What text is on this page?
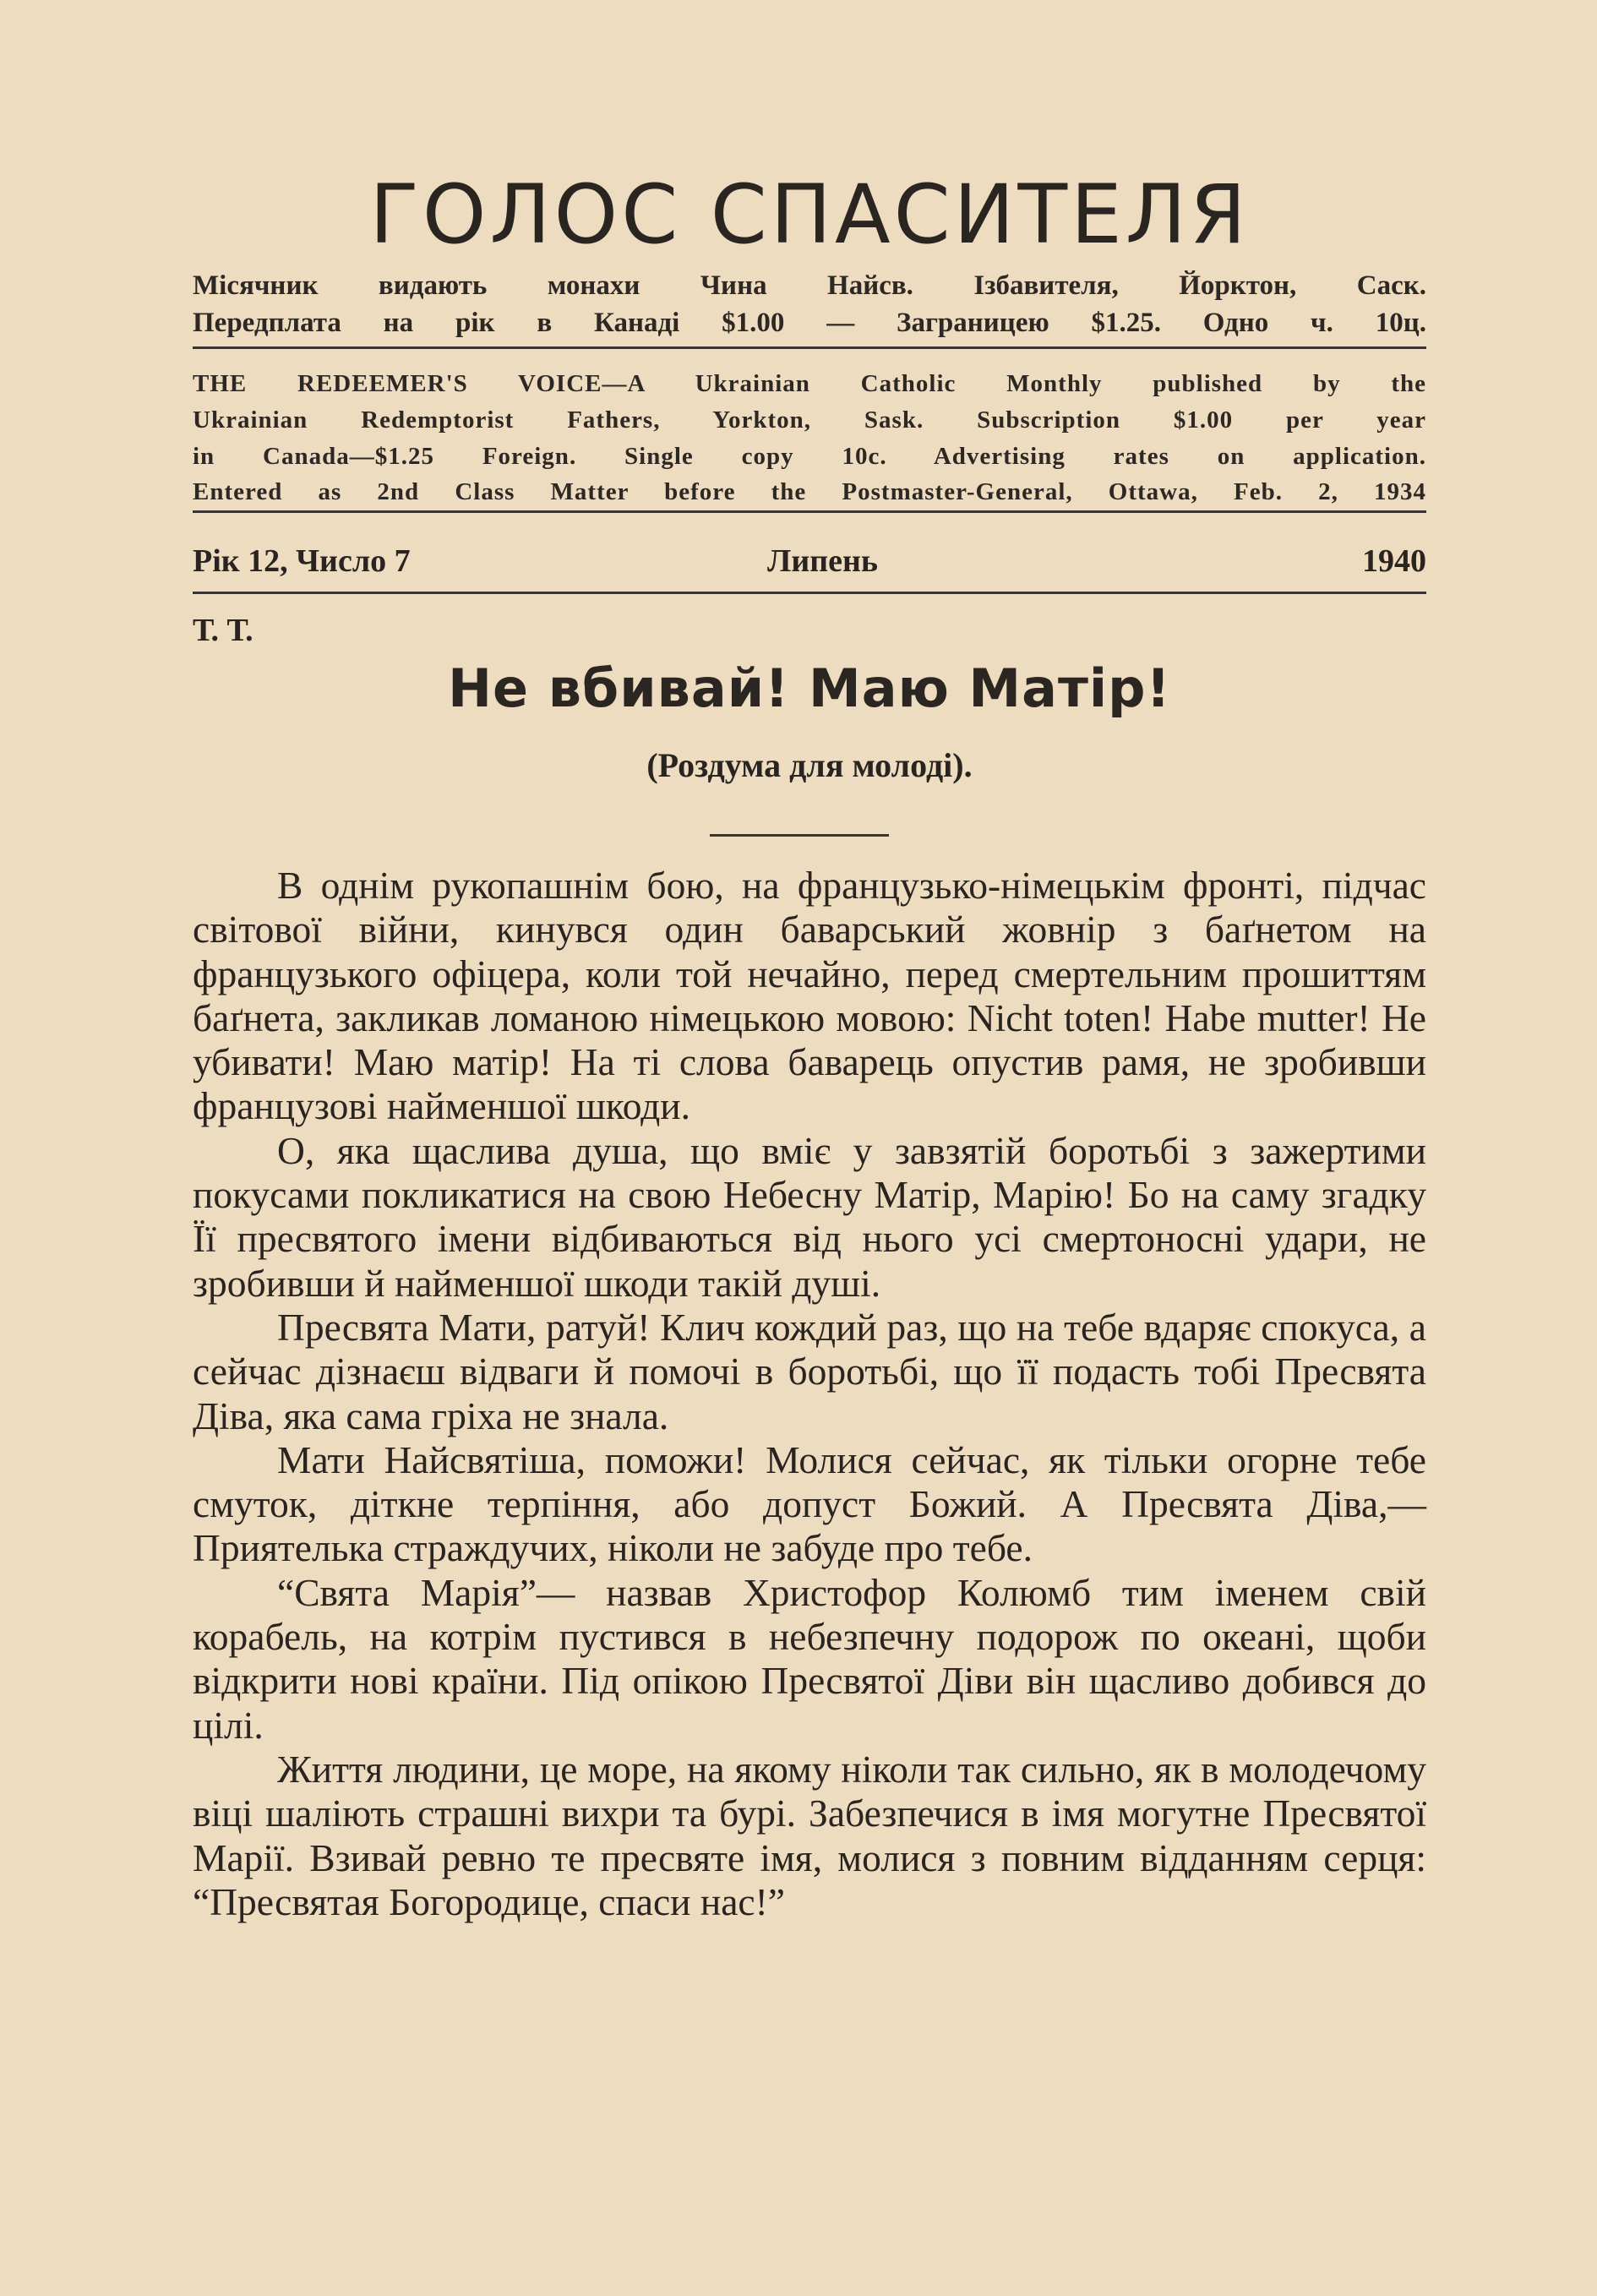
ГОЛОС СПАСИТЕЛЯ
Місячник видають монахи Чина Найсв. Ізбавителя, Йорктон, Саск.
Передплата на рік в Канаді $1.00 — Заграницею $1.25. Одно ч. 10ц.
THE REDEEMER'S VOICE—A Ukrainian Catholic Monthly published by the
Ukrainian Redemptorist Fathers, Yorkton, Sask. Subscription $1.00 per year
in Canada—$1.25 Foreign. Single copy 10c. Advertising rates on application.
Entered as 2nd Class Matter before the Postmaster-General, Ottawa, Feb. 2, 1934
Рік 12, Число 7	Липень	1940
Т. Т.
Не вбивай! Маю Матір!
(Роздума для молоді).

В однім рукопашнім бою, на французько-німецькім фронті, підчас світової війни, кинувся один баварський жовнір з баґнетом на французького офіцера, коли той нечайно, перед смертельним прошиттям баґнета, закликав ломаною німецькою мовою: Nicht toten! Habe mutter! Не убивати! Маю матір! На ті слова баварець опустив рамя, не зробивши французові найменшої шкоди.

О, яка щаслива душа, що вміє у завзятій боротьбі з зажертими покусами покликатися на свою Небесну Матір, Марію! Бо на саму згадку Її пресвятого імени відбиваються від нього усі смертоносні удари, не зробивши й найменшої шкоди такій душі.

Пресвята Мати, ратуй! Клич кождий раз, що на тебе вдаряє спокуса, а сейчас дізнаєш відваги й помочі в боротьбі, що її подасть тобі Пресвята Діва, яка сама гріха не знала.

Мати Найсвятіша, поможи! Молися сейчас, як тільки огорне тебе смуток, діткне терпіння, або допуст Божий. А Пресвята Діва,— Приятелька страждучих, ніколи не забуде про тебе.

“Свята Марія”— назвав Христофор Колюмб тим іменем свій корабель, на котрім пустився в небезпечну подорож по океані, щоби відкрити нові країни. Під опікою Пресвятої Діви він щасливо добився до цілі.

Життя людини, це море, на якому ніколи так сильно, як в молодечому віці шаліють страшні вихри та бурі. Забезпечися в імя могутне Пресвятої Марії. Взивай ревно те пресвяте імя, молися з повним відданням серця: “Пресвятая Богородице, спаси нас!”
